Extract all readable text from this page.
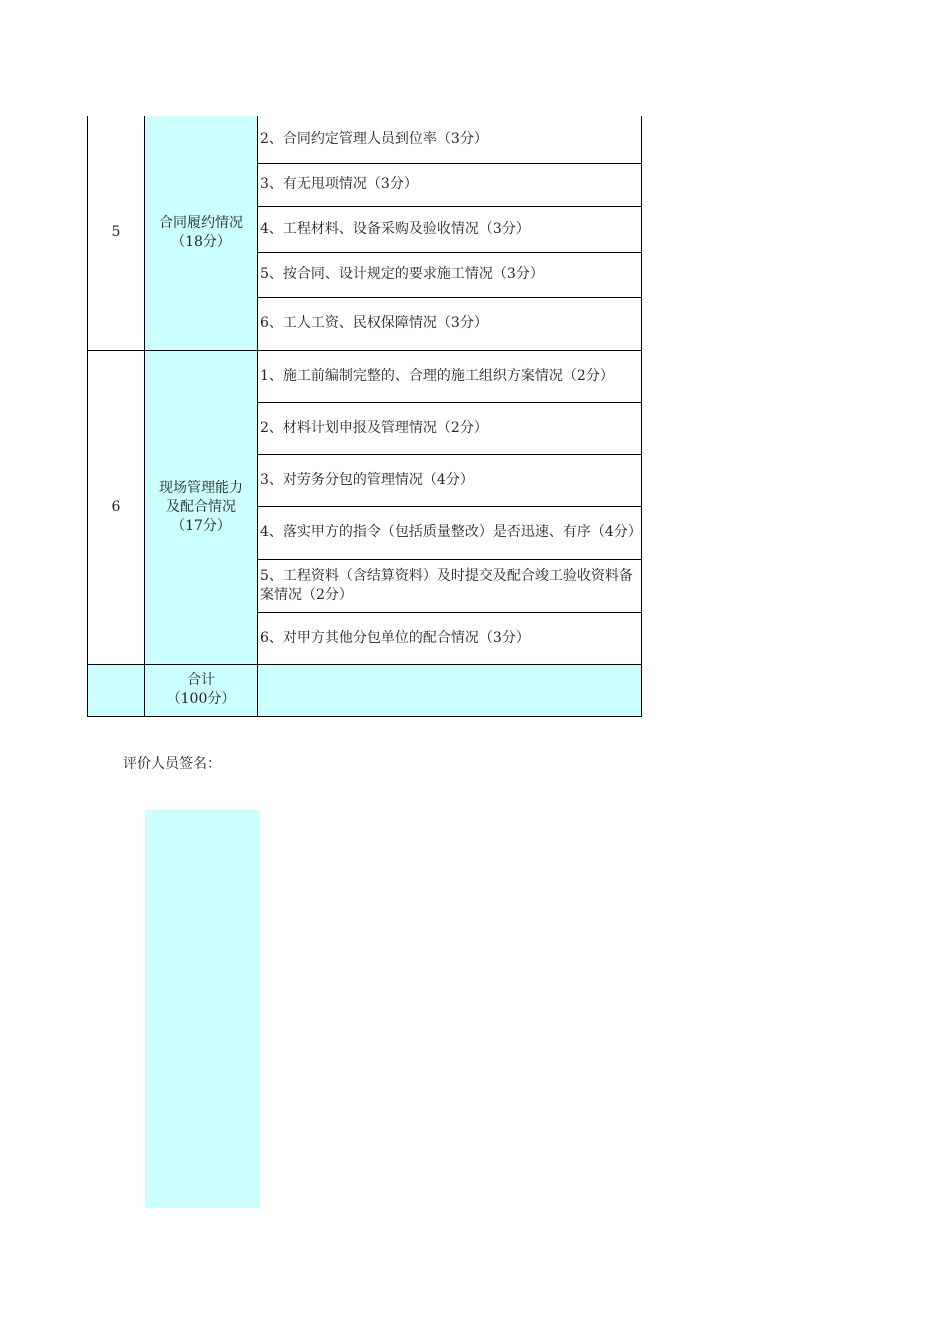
5	合同履约情况
（18分）	2、合同约定管理人员到位率（3分）
		3、有无甩项情况（3分）
		4、工程材料、设备采购及验收情况（3分）
		5、按合同、设计规定的要求施工情况（3分）
		6、工人工资、民权保障情况（3分）
6	现场管理能力
及配合情况
（17分）	1、施工前编制完整的、合理的施工组织方案情况（2分）
		2、材料计划申报及管理情况（2分）
		3、对劳务分包的管理情况（4分）
		4、落实甲方的指令（包括质量整改）是否迅速、有序（4分）
		5、工程资料（含结算资料）及时提交及配合竣工验收资料备案情况（2分）
		6、对甲方其他分包单位的配合情况（3分）

	合计
（100分）	

评价人员签名：
